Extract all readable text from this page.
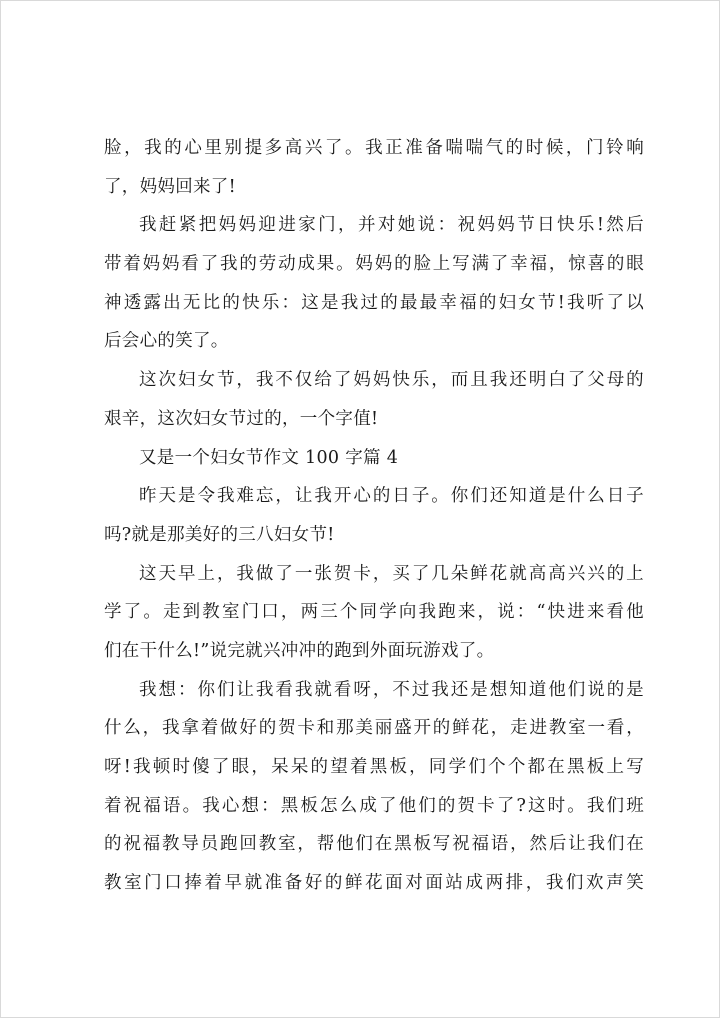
脸，我的心里别提多高兴了。我正准备喘喘气的时候，门铃响
了，妈妈回来了!
我赶紧把妈妈迎进家门，并对她说：祝妈妈节日快乐!然后
带着妈妈看了我的劳动成果。妈妈的脸上写满了幸福，惊喜的眼
神透露出无比的快乐：这是我过的最最幸福的妇女节!我听了以
后会心的笑了。
这次妇女节，我不仅给了妈妈快乐，而且我还明白了父母的
艰辛，这次妇女节过的，一个字值!
又是一个妇女节作文 100 字篇 4
昨天是令我难忘，让我开心的日子。你们还知道是什么日子
吗?就是那美好的三八妇女节!
这天早上，我做了一张贺卡，买了几朵鲜花就高高兴兴的上
学了。走到教室门口，两三个同学向我跑来，说：“快进来看他
们在干什么!”说完就兴冲冲的跑到外面玩游戏了。
我想：你们让我看我就看呀，不过我还是想知道他们说的是
什么，我拿着做好的贺卡和那美丽盛开的鲜花，走进教室一看，
呀!我顿时傻了眼，呆呆的望着黑板，同学们个个都在黑板上写
着祝福语。我心想：黑板怎么成了他们的贺卡了?这时。我们班
的祝福教导员跑回教室，帮他们在黑板写祝福语，然后让我们在
教室门口捧着早就准备好的鲜花面对面站成两排，我们欢声笑
